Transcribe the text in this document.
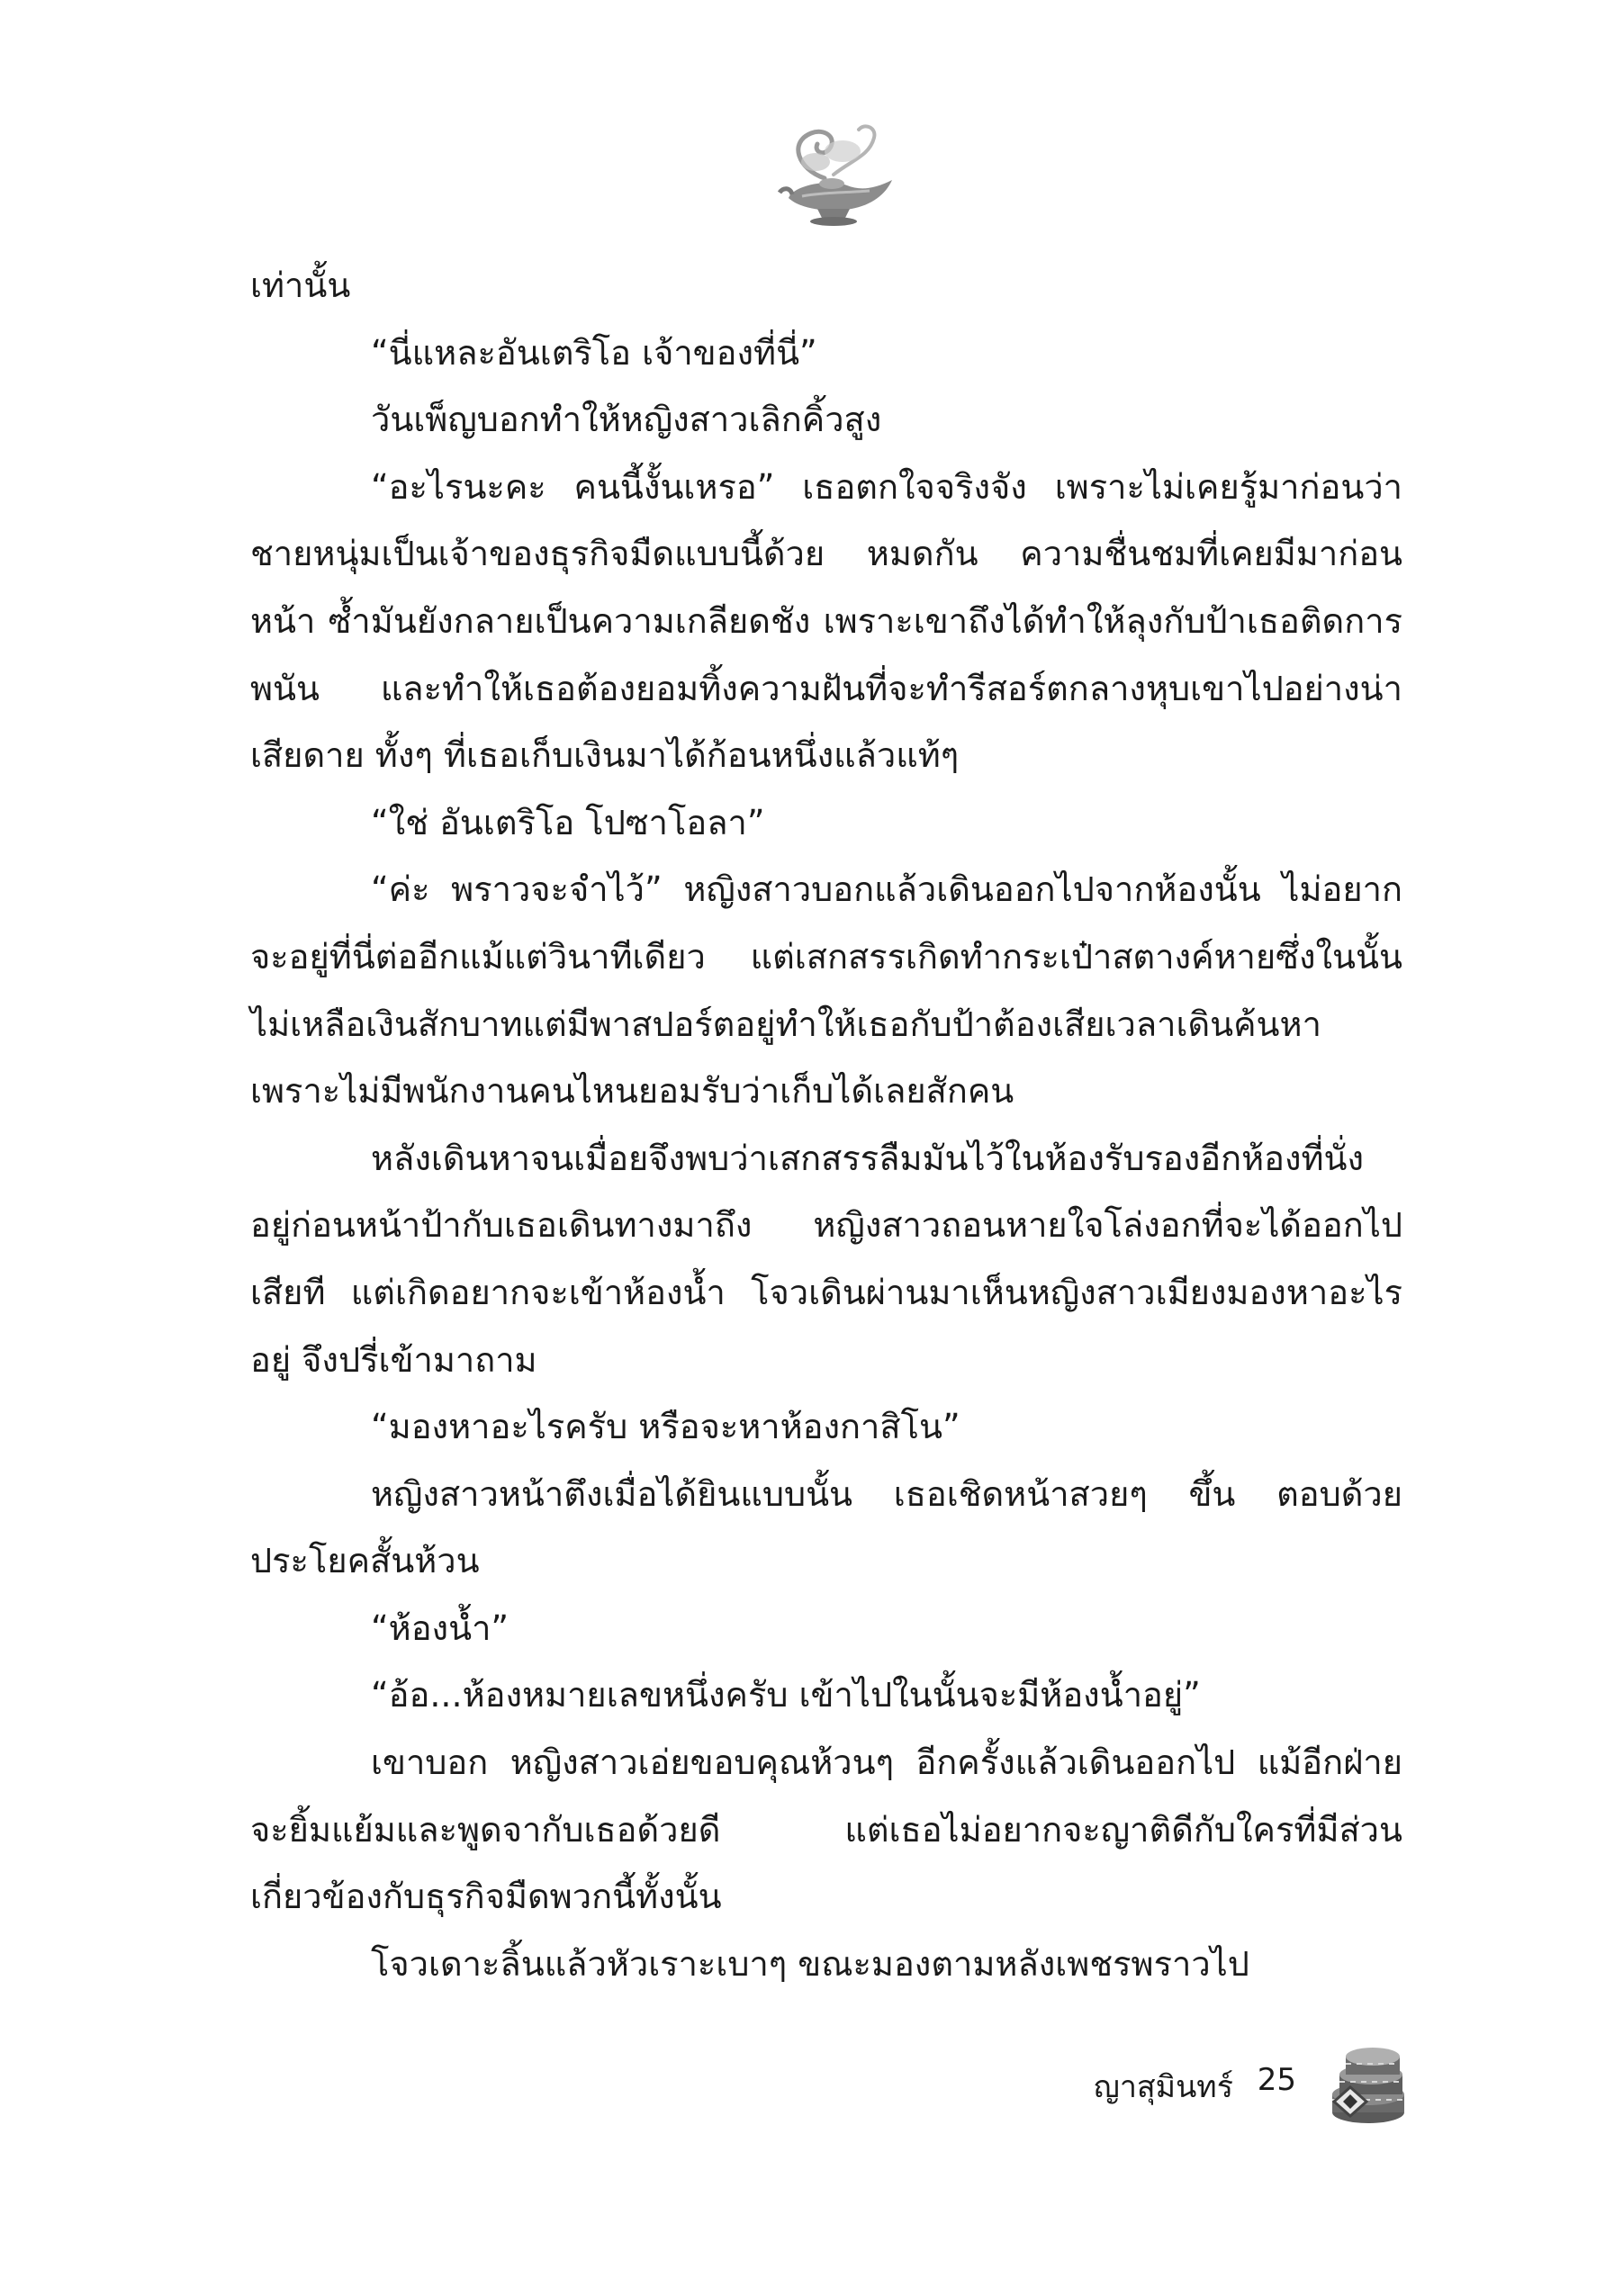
เท่านั้น

“นี่แหละอันเตริโอ เจ้าของที่นี่”

วันเพ็ญบอกทำให้หญิงสาวเลิกคิ้วสูง

“อะไรนะคะ คนนี้งั้นเหรอ” เธอตกใจจริงจัง เพราะไม่เคยรู้มาก่อนว่าชายหนุ่มเป็นเจ้าของธุรกิจมืดแบบนี้ด้วย หมดกัน ความชื่นชมที่เคยมีมาก่อนหน้า ซ้ำมันยังกลายเป็นความเกลียดชัง เพราะเขาถึงได้ทำให้ลุงกับป้าเธอติดการพนัน และทำให้เธอต้องยอมทิ้งความฝันที่จะทำรีสอร์ตกลางหุบเขาไปอย่างน่าเสียดาย ทั้งๆ ที่เธอเก็บเงินมาได้ก้อนหนึ่งแล้วแท้ๆ

“ใช่ อันเตริโอ โปซาโอลา”

“ค่ะ พราวจะจำไว้” หญิงสาวบอกแล้วเดินออกไปจากห้องนั้น ไม่อยากจะอยู่ที่นี่ต่ออีกแม้แต่วินาทีเดียว แต่เสกสรรเกิดทำกระเป๋าสตางค์หายซึ่งในนั้นไม่เหลือเงินสักบาทแต่มีพาสปอร์ตอยู่ทำให้เธอกับป้าต้องเสียเวลาเดินค้นหาเพราะไม่มีพนักงานคนไหนยอมรับว่าเก็บได้เลยสักคน

หลังเดินหาจนเมื่อยจึงพบว่าเสกสรรลืมมันไว้ในห้องรับรองอีกห้องที่นั่งอยู่ก่อนหน้าป้ากับเธอเดินทางมาถึง หญิงสาวถอนหายใจโล่งอกที่จะได้ออกไปเสียที แต่เกิดอยากจะเข้าห้องน้ำ โจวเดินผ่านมาเห็นหญิงสาวเมียงมองหาอะไรอยู่ จึงปรี่เข้ามาถาม

“มองหาอะไรครับ หรือจะหาห้องกาสิโน”

หญิงสาวหน้าตึงเมื่อได้ยินแบบนั้น เธอเชิดหน้าสวยๆ ขึ้น ตอบด้วยประโยคสั้นห้วน

“ห้องน้ำ”

“อ้อ...ห้องหมายเลขหนึ่งครับ เข้าไปในนั้นจะมีห้องน้ำอยู่”

เขาบอก หญิงสาวเอ่ยขอบคุณห้วนๆ อีกครั้งแล้วเดินออกไป แม้อีกฝ่ายจะยิ้มแย้มและพูดจากับเธอด้วยดี แต่เธอไม่อยากจะญาติดีกับใครที่มีส่วนเกี่ยวข้องกับธุรกิจมืดพวกนี้ทั้งนั้น

โจวเดาะลิ้นแล้วหัวเราะเบาๆ ขณะมองตามหลังเพชรพราวไป

ญาสุมินทร์ 25
